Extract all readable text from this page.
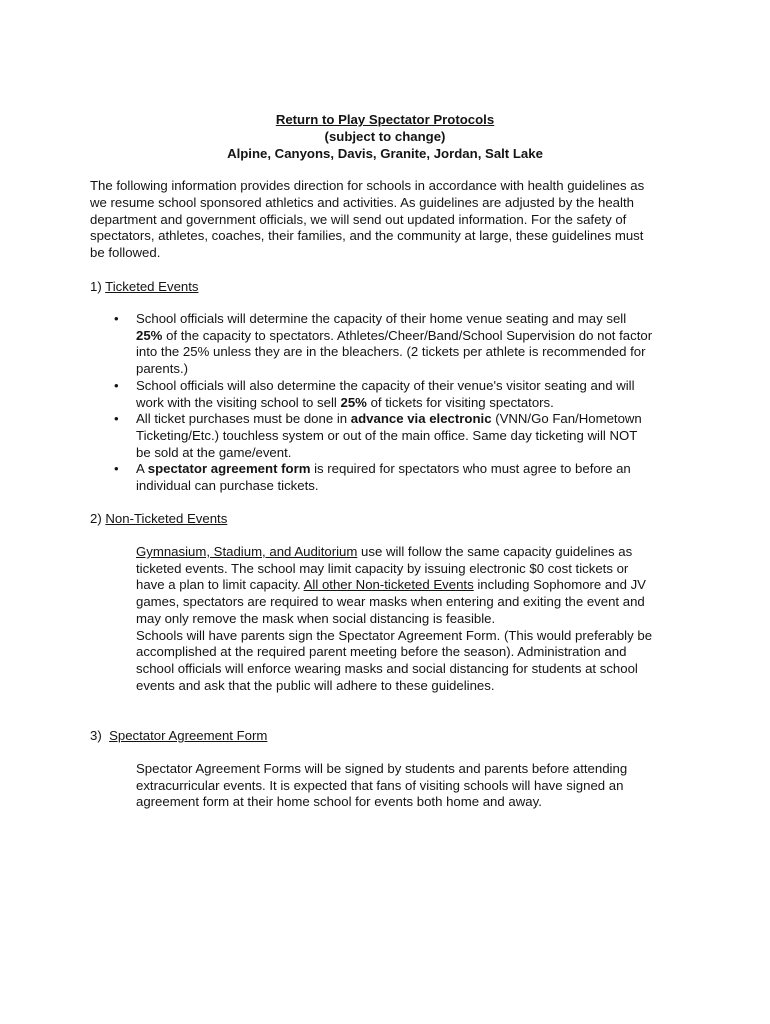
Return to Play Spectator Protocols
(subject to change)
Alpine, Canyons, Davis, Granite, Jordan, Salt Lake
The following information provides direction for schools in accordance with health guidelines as
we resume school sponsored athletics and activities. As guidelines are adjusted by the health
department and government officials, we will send out updated information. For the safety of
spectators, athletes, coaches, their families, and the community at large, these guidelines must
be followed.
1) Ticketed Events
• School officials will determine the capacity of their home venue seating and may sell
25% of the capacity to spectators. Athletes/Cheer/Band/School Supervision do not factor
into the 25% unless they are in the bleachers. (2 tickets per athlete is recommended for
parents.)
• School officials will also determine the capacity of their venue's visitor seating and will
work with the visiting school to sell 25% of tickets for visiting spectators.
• All ticket purchases must be done in advance via electronic (VNN/Go Fan/Hometown
Ticketing/Etc.) touchless system or out of the main office. Same day ticketing will NOT
be sold at the game/event.
• A spectator agreement form is required for spectators who must agree to before an
individual can purchase tickets.
2) Non-Ticketed Events
Gymnasium, Stadium, and Auditorium use will follow the same capacity guidelines as
ticketed events. The school may limit capacity by issuing electronic $0 cost tickets or
have a plan to limit capacity. All other Non-ticketed Events including Sophomore and JV
games, spectators are required to wear masks when entering and exiting the event and
may only remove the mask when social distancing is feasible.
Schools will have parents sign the Spectator Agreement Form. (This would preferably be
accomplished at the required parent meeting before the season). Administration and
school officials will enforce wearing masks and social distancing for students at school
events and ask that the public will adhere to these guidelines.
3) Spectator Agreement Form
Spectator Agreement Forms will be signed by students and parents before attending
extracurricular events. It is expected that fans of visiting schools will have signed an
agreement form at their home school for events both home and away.
